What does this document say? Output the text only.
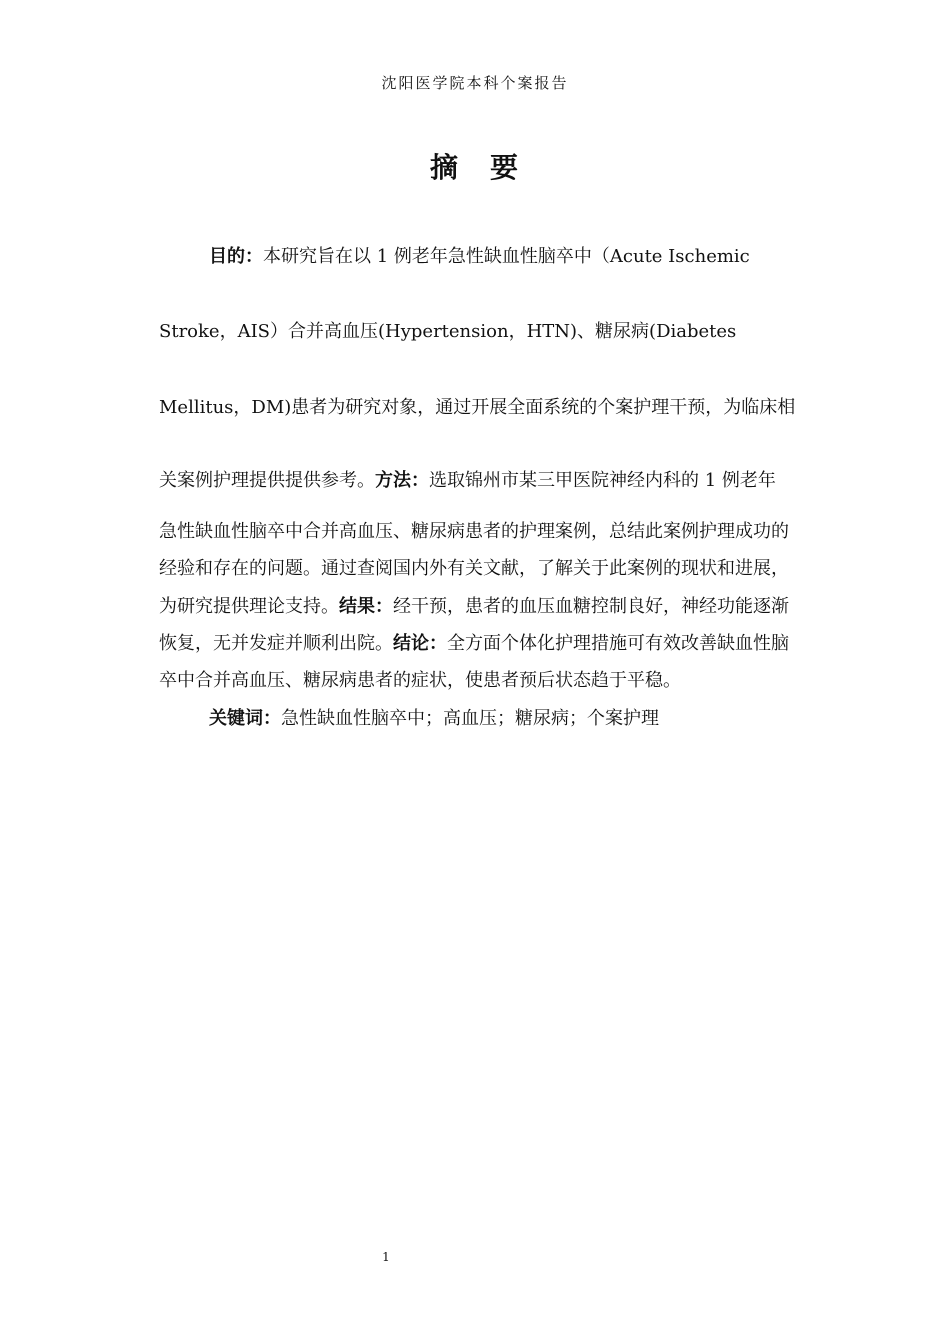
沈阳医学院本科个案报告
摘　要
目的：本研究旨在以 1 例老年急性缺血性脑卒中（Acute Ischemic
Stroke，AIS）合并高血压(Hypertension，HTN)、糖尿病(Diabetes
Mellitus，DM)患者为研究对象，通过开展全面系统的个案护理干预，为临床相
关案例护理提供提供参考。方法：选取锦州市某三甲医院神经内科的 1 例老年
急性缺血性脑卒中合并高血压、糖尿病患者的护理案例，总结此案例护理成功的
经验和存在的问题。通过查阅国内外有关文献，了解关于此案例的现状和进展，
为研究提供理论支持。结果：经干预，患者的血压血糖控制良好，神经功能逐渐
恢复，无并发症并顺利出院。结论：全方面个体化护理措施可有效改善缺血性脑
卒中合并高血压、糖尿病患者的症状，使患者预后状态趋于平稳。
关键词：急性缺血性脑卒中；高血压；糖尿病；个案护理
1
